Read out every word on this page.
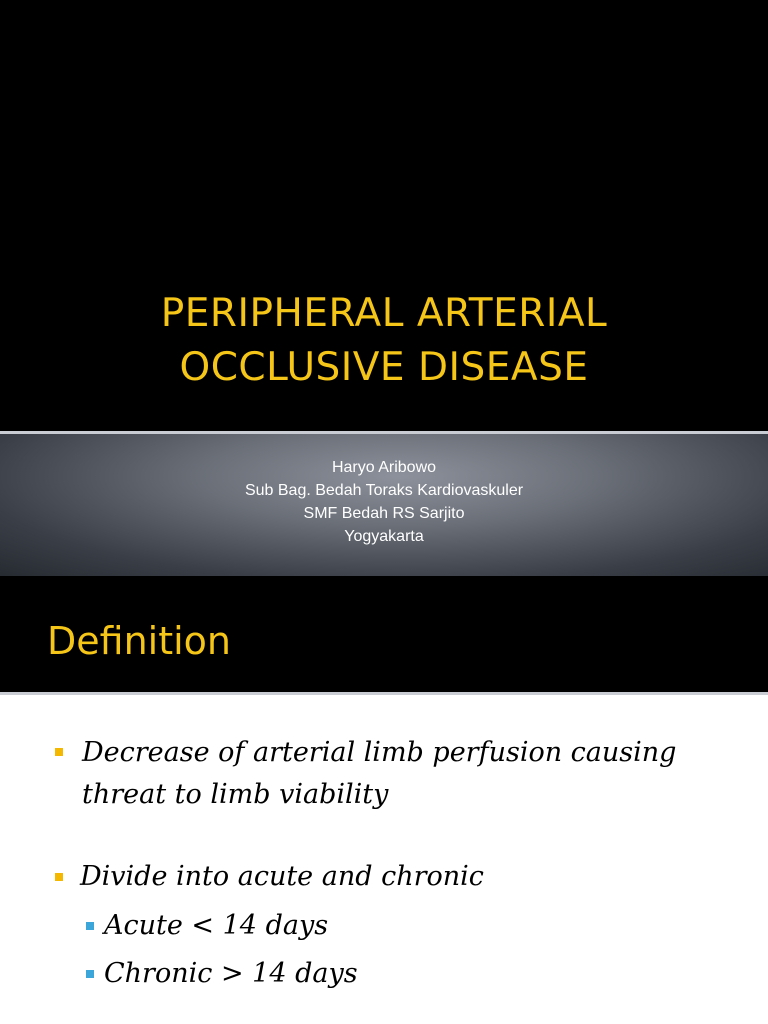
PERIPHERAL ARTERIAL
OCCLUSIVE DISEASE
Haryo Aribowo
Sub Bag. Bedah Toraks Kardiovaskuler
SMF Bedah RS Sarjito
Yogyakarta
Definition
Decrease of arterial limb perfusion causing
threat to limb viability
Divide into acute and chronic
Acute < 14 days
Chronic > 14 days
